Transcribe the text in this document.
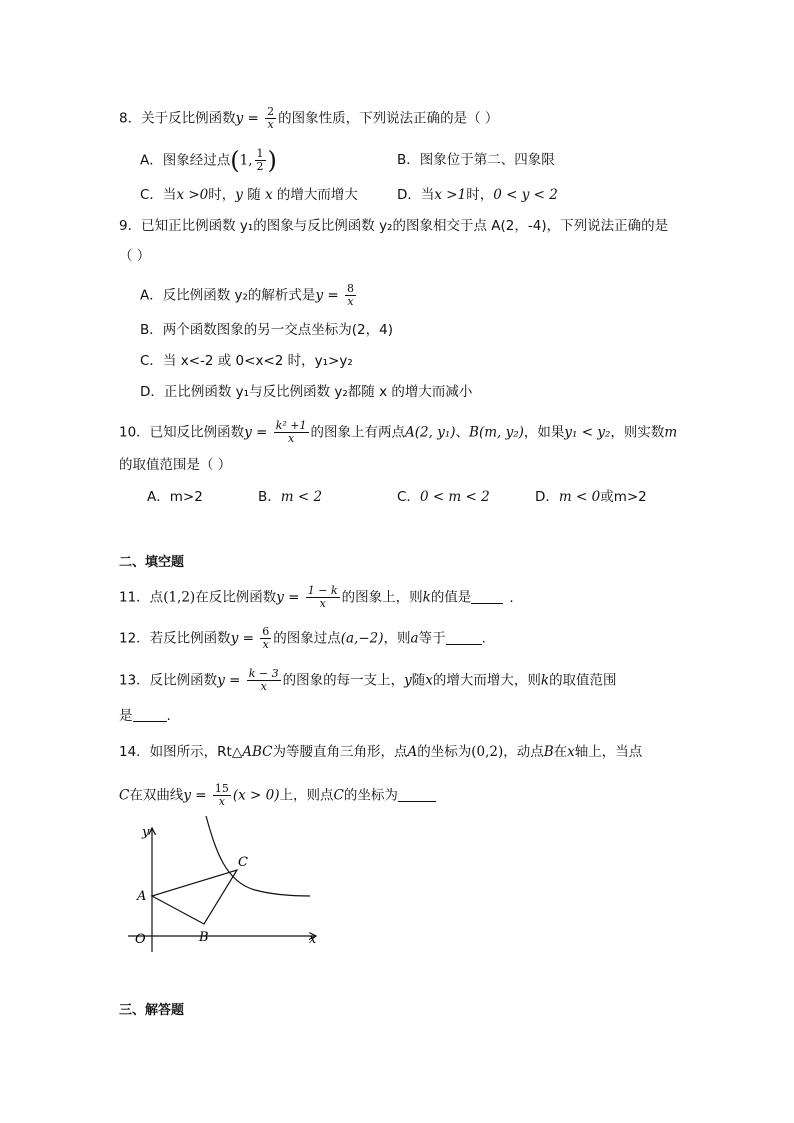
8．关于反比例函数$y = \frac{2}{x}$ 的图象性质，下列说法正确的是（ ）
A．图象经过点(1, $\frac{1}{2}$ )	B．图象位于第二、四象限
C．当x >0时，y 随 x 的增大而增大	D．当x >1时，0 < y < 2
9．已知正比例函数 y₁的图象与反比例函数 y₂的图象相交于点 A(2，-4)，下列说法正确的是
（ ）
A．反比例函数 y₂的解析式是$y = \frac{8}{x}$
B．两个函数图象的另一交点坐标为(2，4)
C．当 x<-2 或 0<x<2 时，y₁>y₂
D．正比例函数 y₁与反比例函数 y₂都随 x 的增大而减小
10．已知反比例函数$y = \frac{\text{k² +1}}{x}$ 的图象上有两点A(2, y₁)、B(m, y₂)，如果y₁ < y₂，则实数m
的取值范围是（ ）
A．m>2	B．m < 2	C．0 < m < 2	D．m < 0或m>2
二、填空题
11．点(1,2)在反比例函数$y = \frac{1 - k}{x}$ 的图象上，则k的值是	.
12．若反比例函数$y = \frac{6}{x}$ 的图象过点(a,−2)，则a等于	.
13．反比例函数$y = \frac{k - 3}{x}$ 的图象的每一支上，y随x的增大而增大，则k的取值范围
是	.
14．如图所示，Rt△ABC为等腰直角三角形，点A的坐标为(0,2)，动点B在x轴上，当点
C在双曲线$y = \frac{15}{x} (x > 0)$上，则点C的坐标为
y
x
O
A
B
C
三、解答题
